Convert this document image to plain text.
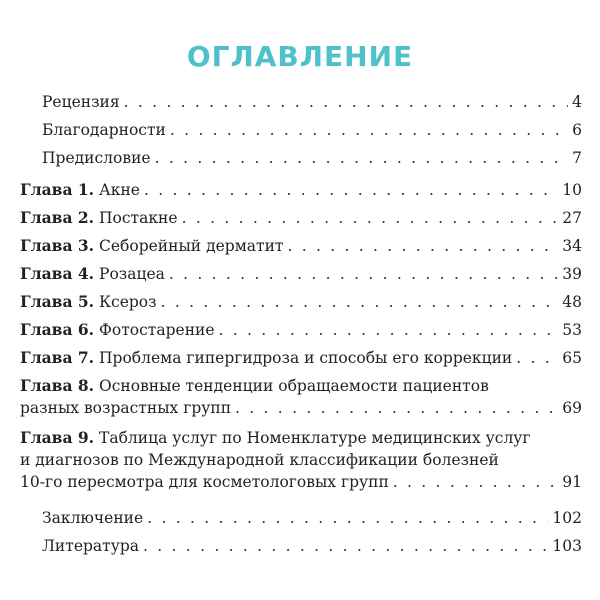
ОГЛАВЛЕНИЕ
Рецензия . . .	4
Благодарности . . .	6
Предисловие . . .	7
Глава 1. Акне . . .	10
Глава 2. Постакне . . .	27
Глава 3. Себорейный дерматит . . .	34
Глава 4. Розацеа . . .	39
Глава 5. Ксероз . . .	48
Глава 6. Фотостарение . . .	53
Глава 7. Проблема гипергидроза и способы его коррекции . . .	65
Глава 8. Основные тенденции обращаемости пациентов
разных возрастных групп . . .	69
Глава 9. Таблица услуг по Номенклатуре медицинских услуг
и диагнозов по Международной классификации болезней
10-го пересмотра для косметологовых групп . . .	91
Заключение . . .	102
Литература . . .	103
